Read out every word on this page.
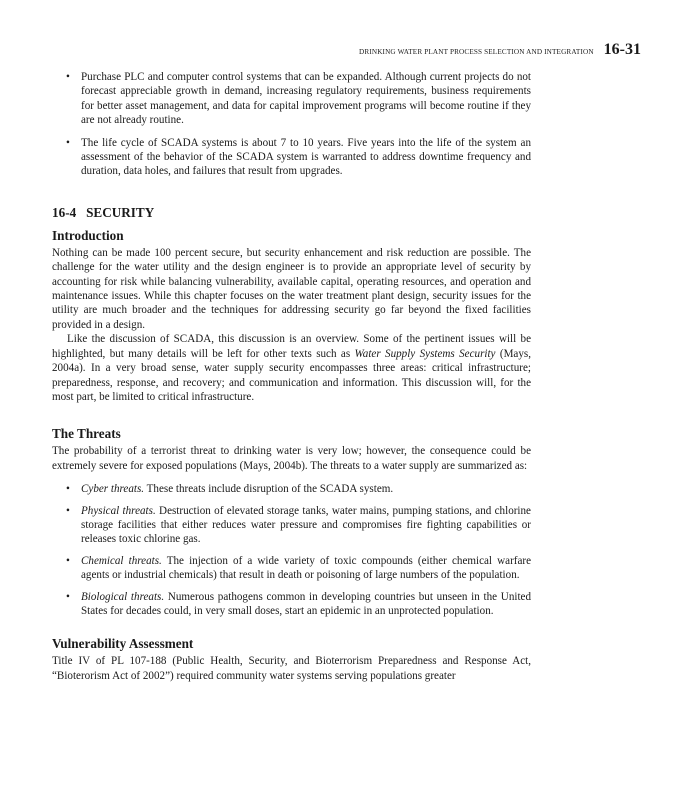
DRINKING WATER PLANT PROCESS SELECTION AND INTEGRATION 16-31
• Purchase PLC and computer control systems that can be expanded. Although current projects do not forecast appreciable growth in demand, increasing regulatory requirements, business requirements for better asset management, and data for capital improvement programs will become routine if they are not already routine.

• The life cycle of SCADA systems is about 7 to 10 years. Five years into the life of the system an assessment of the behavior of the SCADA system is warranted to address downtime frequency and duration, data holes, and failures that result from upgrades.

16-4 SECURITY
Introduction

Nothing can be made 100 percent secure, but security enhancement and risk reduction are possible. The challenge for the water utility and the design engineer is to provide an appropriate level of security by accounting for risk while balancing vulnerability, available capital, operating resources, and operation and maintenance issues. While this chapter focuses on the water treatment plant design, security issues for the utility are much broader and the techniques for addressing security go far beyond the fixed facilities provided in a design.

Like the discussion of SCADA, this discussion is an overview. Some of the pertinent issues will be highlighted, but many details will be left for other texts such as Water Supply Systems Security (Mays, 2004a). In a very broad sense, water supply security encompasses three areas: critical infrastructure; preparedness, response, and recovery; and communication and information. This discussion will, for the most part, be limited to critical infrastructure.

The Threats

The probability of a terrorist threat to drinking water is very low; however, the consequence could be extremely severe for exposed populations (Mays, 2004b). The threats to a water supply are summarized as:

• Cyber threats. These threats include disruption of the SCADA system.

• Physical threats. Destruction of elevated storage tanks, water mains, pumping stations, and chlorine storage facilities that either reduces water pressure and compromises fire fighting capabilities or releases toxic chlorine gas.

• Chemical threats. The injection of a wide variety of toxic compounds (either chemical warfare agents or industrial chemicals) that result in death or poisoning of large numbers of the population.

• Biological threats. Numerous pathogens common in developing countries but unseen in the United States for decades could, in very small doses, start an epidemic in an unprotected population.

Vulnerability Assessment

Title IV of PL 107-188 (Public Health, Security, and Bioterrorism Preparedness and Response Act, “Bioterorism Act of 2002”) required community water systems serving populations greater
